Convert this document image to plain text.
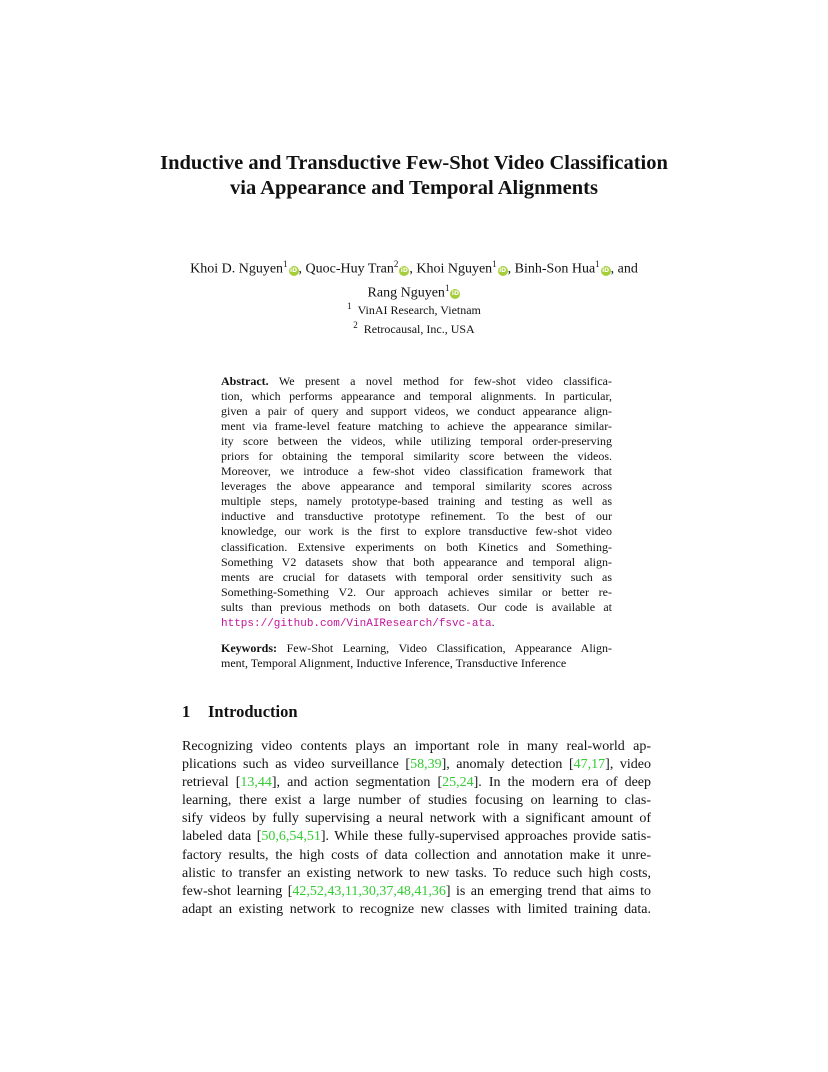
Inductive and Transductive Few-Shot Video Classification via Appearance and Temporal Alignments
Khoi D. Nguyen$^1$iD, Quoc-Huy Tran$^2$iD, Khoi Nguyen$^1$iD, Binh-Son Hua$^1$iD, and
Rang Nguyen$^1$iD
$^1$ VinAI Research, Vietnam
$^2$ Retrocausal, Inc., USA
Abstract. We present a novel method for few-shot video classifica-
tion, which performs appearance and temporal alignments. In particular,
given a pair of query and support videos, we conduct appearance align-
ment via frame-level feature matching to achieve the appearance similar-
ity score between the videos, while utilizing temporal order-preserving
priors for obtaining the temporal similarity score between the videos.
Moreover, we introduce a few-shot video classification framework that
leverages the above appearance and temporal similarity scores across
multiple steps, namely prototype-based training and testing as well as
inductive and transductive prototype refinement. To the best of our
knowledge, our work is the first to explore transductive few-shot video
classification. Extensive experiments on both Kinetics and Something-
Something V2 datasets show that both appearance and temporal align-
ments are crucial for datasets with temporal order sensitivity such as
Something-Something V2. Our approach achieves similar or better re-
sults than previous methods on both datasets. Our code is available at
https://github.com/VinAIResearch/fsvc-ata.
Keywords: Few-Shot Learning, Video Classification, Appearance Align-
ment, Temporal Alignment, Inductive Inference, Transductive Inference
1 Introduction
Recognizing video contents plays an important role in many real-world ap-
plications such as video surveillance [58,39], anomaly detection [47,17], video
retrieval [13,44], and action segmentation [25,24]. In the modern era of deep
learning, there exist a large number of studies focusing on learning to clas-
sify videos by fully supervising a neural network with a significant amount of
labeled data [50,6,54,51]. While these fully-supervised approaches provide satis-
factory results, the high costs of data collection and annotation make it unre-
alistic to transfer an existing network to new tasks. To reduce such high costs,
few-shot learning [42,52,43,11,30,37,48,41,36] is an emerging trend that aims to
adapt an existing network to recognize new classes with limited training data.
